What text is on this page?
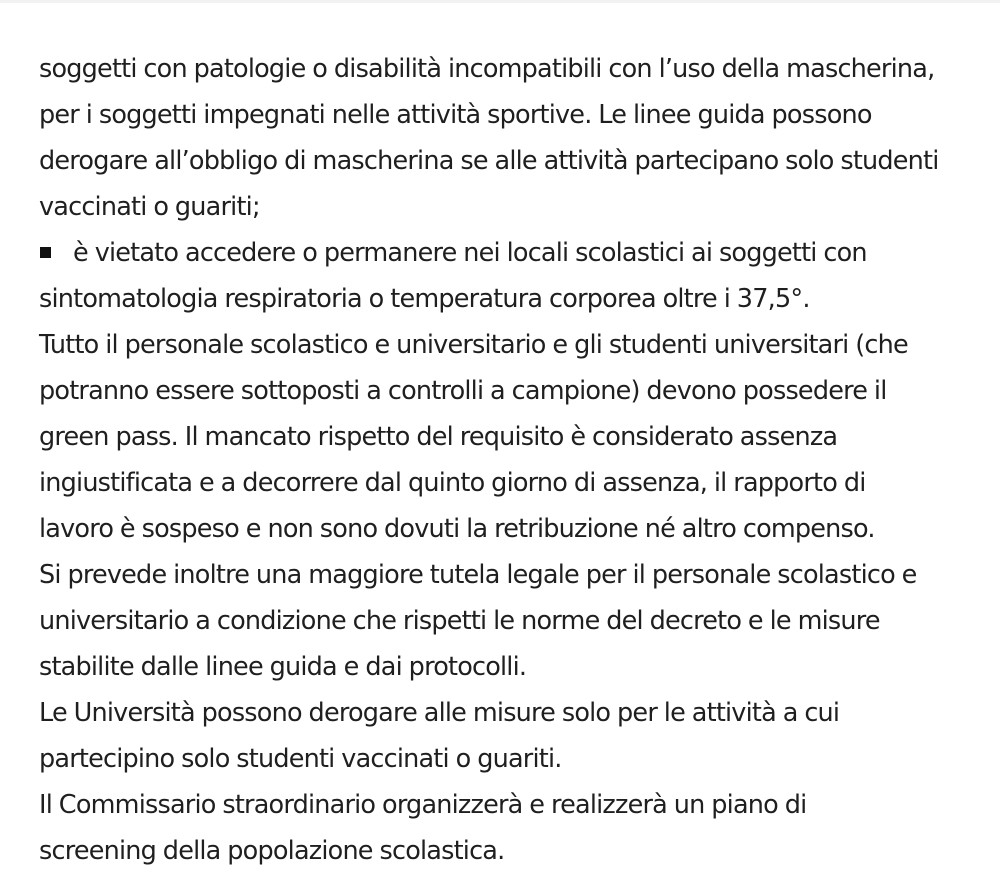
soggetti con patologie o disabilità incompatibili con l’uso della mascherina,
per i soggetti impegnati nelle attività sportive. Le linee guida possono
derogare all’obbligo di mascherina se alle attività partecipano solo studenti
vaccinati o guariti;
è vietato accedere o permanere nei locali scolastici ai soggetti con
sintomatologia respiratoria o temperatura corporea oltre i 37,5°.
Tutto il personale scolastico e universitario e gli studenti universitari (che
potranno essere sottoposti a controlli a campione) devono possedere il
green pass. Il mancato rispetto del requisito è considerato assenza
ingiustificata e a decorrere dal quinto giorno di assenza, il rapporto di
lavoro è sospeso e non sono dovuti la retribuzione né altro compenso.
Si prevede inoltre una maggiore tutela legale per il personale scolastico e
universitario a condizione che rispetti le norme del decreto e le misure
stabilite dalle linee guida e dai protocolli.
Le Università possono derogare alle misure solo per le attività a cui
partecipino solo studenti vaccinati o guariti.
Il Commissario straordinario organizzerà e realizzerà un piano di
screening della popolazione scolastica.
